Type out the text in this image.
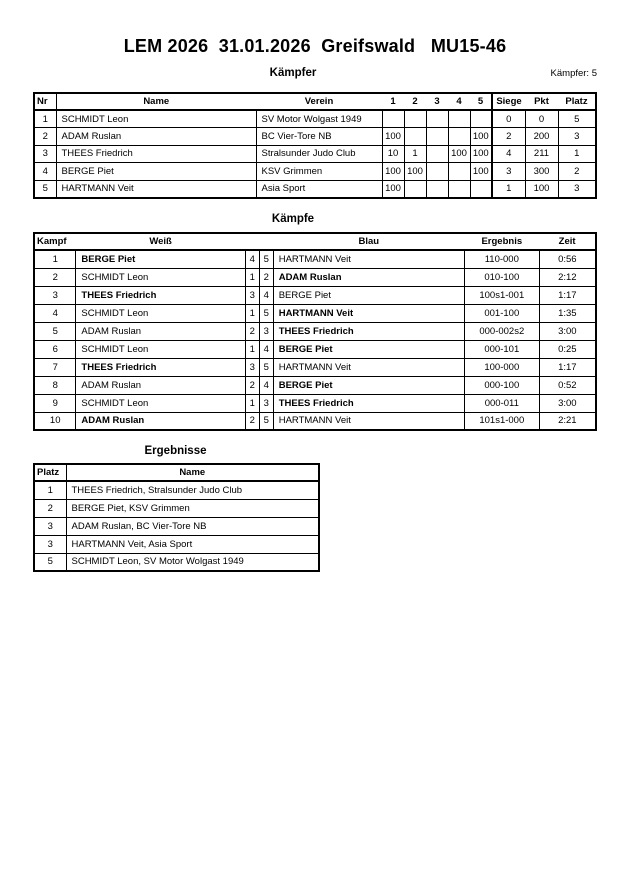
LEM 2026  31.01.2026  Greifswald   MU15-46
Kämpfer	Kämpfer: 5
Nr	Name	Verein	1	2	3	4	5	Siege	Pkt	Platz
1	SCHMIDT Leon	SV Motor Wolgast 1949						0	0	5
2	ADAM Ruslan	BC Vier-Tore NB	100				100	2	200	3
3	THEES Friedrich	Stralsunder Judo Club	10	1		100	100	4	211	1
4	BERGE Piet	KSV Grimmen	100	100			100	3	300	2
5	HARTMANN Veit	Asia Sport	100					1	100	3
Kämpfe
Kampf	Weiß			Blau	Ergebnis	Zeit
1	BERGE Piet	4	5	HARTMANN Veit	110-000	0:56
2	SCHMIDT Leon	1	2	ADAM Ruslan	010-100	2:12
3	THEES Friedrich	3	4	BERGE Piet	100s1-001	1:17
4	SCHMIDT Leon	1	5	HARTMANN Veit	001-100	1:35
5	ADAM Ruslan	2	3	THEES Friedrich	000-002s2	3:00
6	SCHMIDT Leon	1	4	BERGE Piet	000-101	0:25
7	THEES Friedrich	3	5	HARTMANN Veit	100-000	1:17
8	ADAM Ruslan	2	4	BERGE Piet	000-100	0:52
9	SCHMIDT Leon	1	3	THEES Friedrich	000-011	3:00
10	ADAM Ruslan	2	5	HARTMANN Veit	101s1-000	2:21
Ergebnisse
Platz	Name
1	THEES Friedrich, Stralsunder Judo Club
2	BERGE Piet, KSV Grimmen
3	ADAM Ruslan, BC Vier-Tore NB
3	HARTMANN Veit, Asia Sport
5	SCHMIDT Leon, SV Motor Wolgast 1949
